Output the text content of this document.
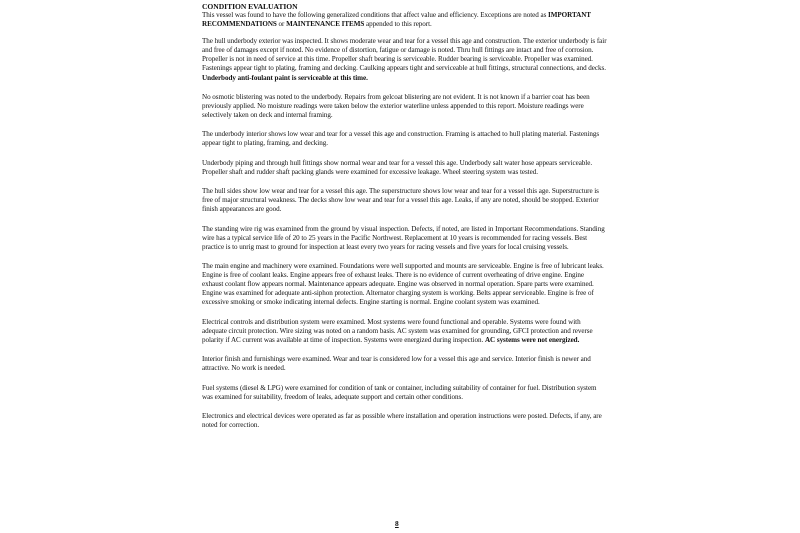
CONDITION EVALUATION

This vessel was found to have the following generalized conditions that affect value and efficiency. Exceptions are noted as IMPORTANT RECOMMENDATIONS or MAINTENANCE ITEMS appended to this report.

The hull underbody exterior was inspected. It shows moderate wear and tear for a vessel this age and construction. The exterior underbody is fair and free of damages except if noted. No evidence of distortion, fatigue or damage is noted. Thru hull fittings are intact and free of corrosion. Propeller is not in need of service at this time. Propeller shaft bearing is serviceable. Rudder bearing is serviceable. Propeller was examined. Fastenings appear tight to plating, framing and decking. Caulking appears tight and serviceable at hull fittings, structural connections, and decks. Underbody anti-foulant paint is serviceable at this time.

No osmotic blistering was noted to the underbody. Repairs from gelcoat blistering are not evident. It is not known if a barrier coat has been previously applied. No moisture readings were taken below the exterior waterline unless appended to this report. Moisture readings were selectively taken on deck and internal framing.

The underbody interior shows low wear and tear for a vessel this age and construction. Framing is attached to hull plating material. Fastenings appear tight to plating, framing, and decking.

Underbody piping and through hull fittings show normal wear and tear for a vessel this age. Underbody salt water hose appears serviceable. Propeller shaft and rudder shaft packing glands were examined for excessive leakage. Wheel steering system was tested.

The hull sides show low wear and tear for a vessel this age. The superstructure shows low wear and tear for a vessel this age. Superstructure is free of major structural weakness. The decks show low wear and tear for a vessel this age. Leaks, if any are noted, should be stopped. Exterior finish appearances are good.

The standing wire rig was examined from the ground by visual inspection. Defects, if noted, are listed in Important Recommendations. Standing wire has a typical service life of 20 to 25 years in the Pacific Northwest. Replacement at 10 years is recommended for racing vessels. Best practice is to unrig mast to ground for inspection at least every two years for racing vessels and five years for local cruising vessels.

The main engine and machinery were examined. Foundations were well supported and mounts are serviceable. Engine is free of lubricant leaks. Engine is free of coolant leaks. Engine appears free of exhaust leaks. There is no evidence of current overheating of drive engine. Engine exhaust coolant flow appears normal. Maintenance appears adequate. Engine was observed in normal operation. Spare parts were examined. Engine was examined for adequate anti-siphon protection. Alternator charging system is working. Belts appear serviceable. Engine is free of excessive smoking or smoke indicating internal defects. Engine starting is normal. Engine coolant system was examined.

Electrical controls and distribution system were examined. Most systems were found functional and operable. Systems were found with adequate circuit protection. Wire sizing was noted on a random basis. AC system was examined for grounding, GFCI protection and reverse polarity if AC current was available at time of inspection. Systems were energized during inspection. AC systems were not energized.

Interior finish and furnishings were examined. Wear and tear is considered low for a vessel this age and service. Interior finish is newer and attractive. No work is needed.

Fuel systems (diesel & LPG) were examined for condition of tank or container, including suitability of container for fuel. Distribution system was examined for suitability, freedom of leaks, adequate support and certain other conditions.

Electronics and electrical devices were operated as far as possible where installation and operation instructions were posted. Defects, if any, are noted for correction.

8
